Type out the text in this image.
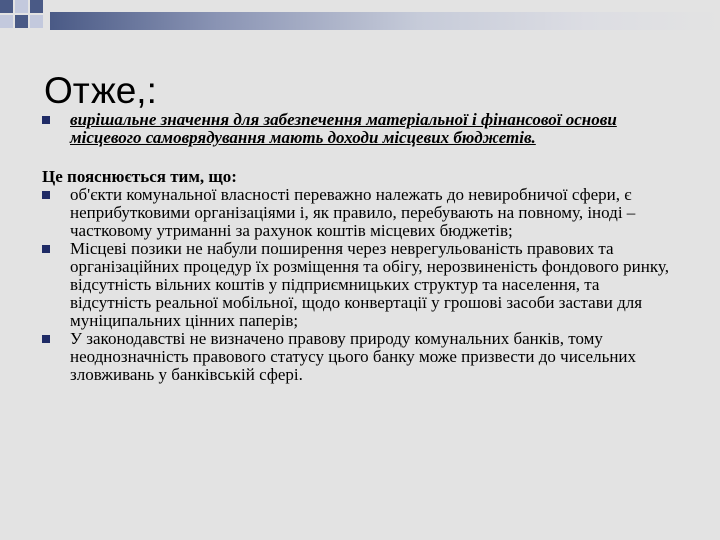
Отже,:
вирішальне значення для забезпечення матеріальної і фінансової основи місцевого самоврядування мають доходи місцевих бюджетів.
Це пояснюється тим, що:
об'єкти комунальної власності переважно належать до невиробничої сфери, є неприбутковими організаціями і, як правило, перебувають на повному, іноді – частковому утриманні за рахунок коштів місцевих бюджетів;
Місцеві позики не набули поширення через неврегульованість правових та організаційних процедур їх розміщення та обігу, нерозвиненість фондового ринку, відсутність вільних коштів у підприємницьких структур та населення, та відсутність реальної мобільної, щодо конвертації у грошові засоби застави для муніципальних цінних паперів;
У законодавстві не визначено правову природу комунальних банків, тому неоднозначність правового статусу цього банку може призвести до чисельних зловживань у банківській сфері.
